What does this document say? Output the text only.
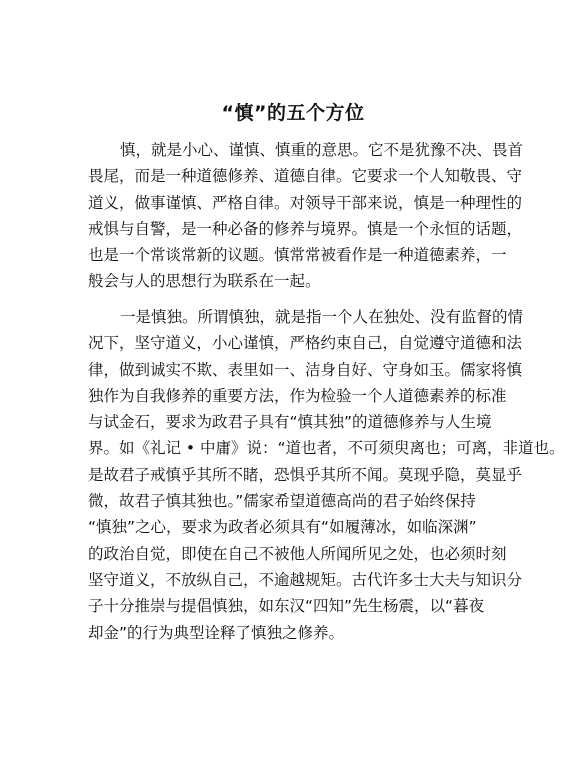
“慎”的五个方位
慎，就是小心、谨慎、慎重的意思。它不是犹豫不决、畏首
畏尾，而是一种道德修养、道德自律。它要求一个人知敬畏、守
道义，做事谨慎、严格自律。对领导干部来说，慎是一种理性的
戒惧与自警，是一种必备的修养与境界。慎是一个永恒的话题，
也是一个常谈常新的议题。慎常常被看作是一种道德素养，一
般会与人的思想行为联系在一起。
一是慎独。所谓慎独，就是指一个人在独处、没有监督的情
况下，坚守道义，小心谨慎，严格约束自己，自觉遵守道德和法
律，做到诚实不欺、表里如一、洁身自好、守身如玉。儒家将慎
独作为自我修养的重要方法，作为检验一个人道德素养的标准
与试金石，要求为政君子具有“慎其独”的道德修养与人生境
界。如《礼记 • 中庸》说：“道也者，不可须臾离也；可离，非道也。
是故君子戒慎乎其所不睹，恐惧乎其所不闻。莫现乎隐，莫显乎
微，故君子慎其独也。”儒家希望道德高尚的君子始终保持
“慎独”之心，要求为政者必须具有“如履薄冰，如临深渊”
的政治自觉，即使在自己不被他人所闻所见之处，也必须时刻
坚守道义，不放纵自己，不逾越规矩。古代许多士大夫与知识分
子十分推崇与提倡慎独，如东汉“四知”先生杨震，以“暮夜
却金”的行为典型诠释了慎独之修养。
